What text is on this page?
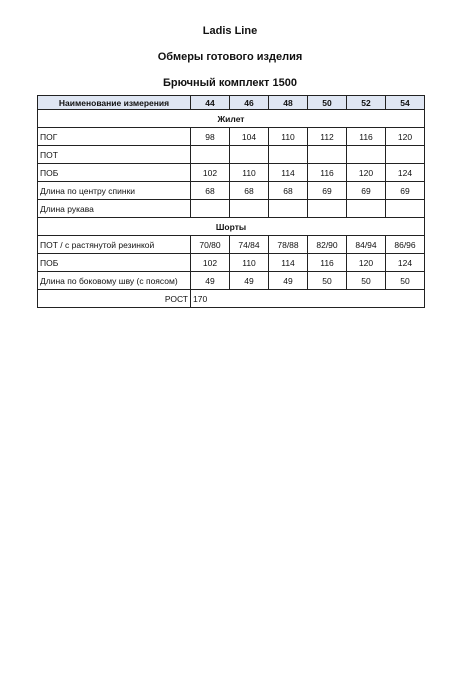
Ladis Line
Обмеры готового изделия
Брючный комплект 1500
Наименование измерения	44	46	48	50	52	54
Жилет						
ПОГ	98	104	110	112	116	120
ПОТ						
ПОБ	102	110	114	116	120	124
Длина по центру спинки	68	68	68	69	69	69
Длина рукава						
Шорты						
ПОТ / с растянутой резинкой	70/80	74/84	78/88	82/90	84/94	86/96
ПОБ	102	110	114	116	120	124
Длина по боковому шву (с поясом)	49	49	49	50	50	50
РОСТ	170					
